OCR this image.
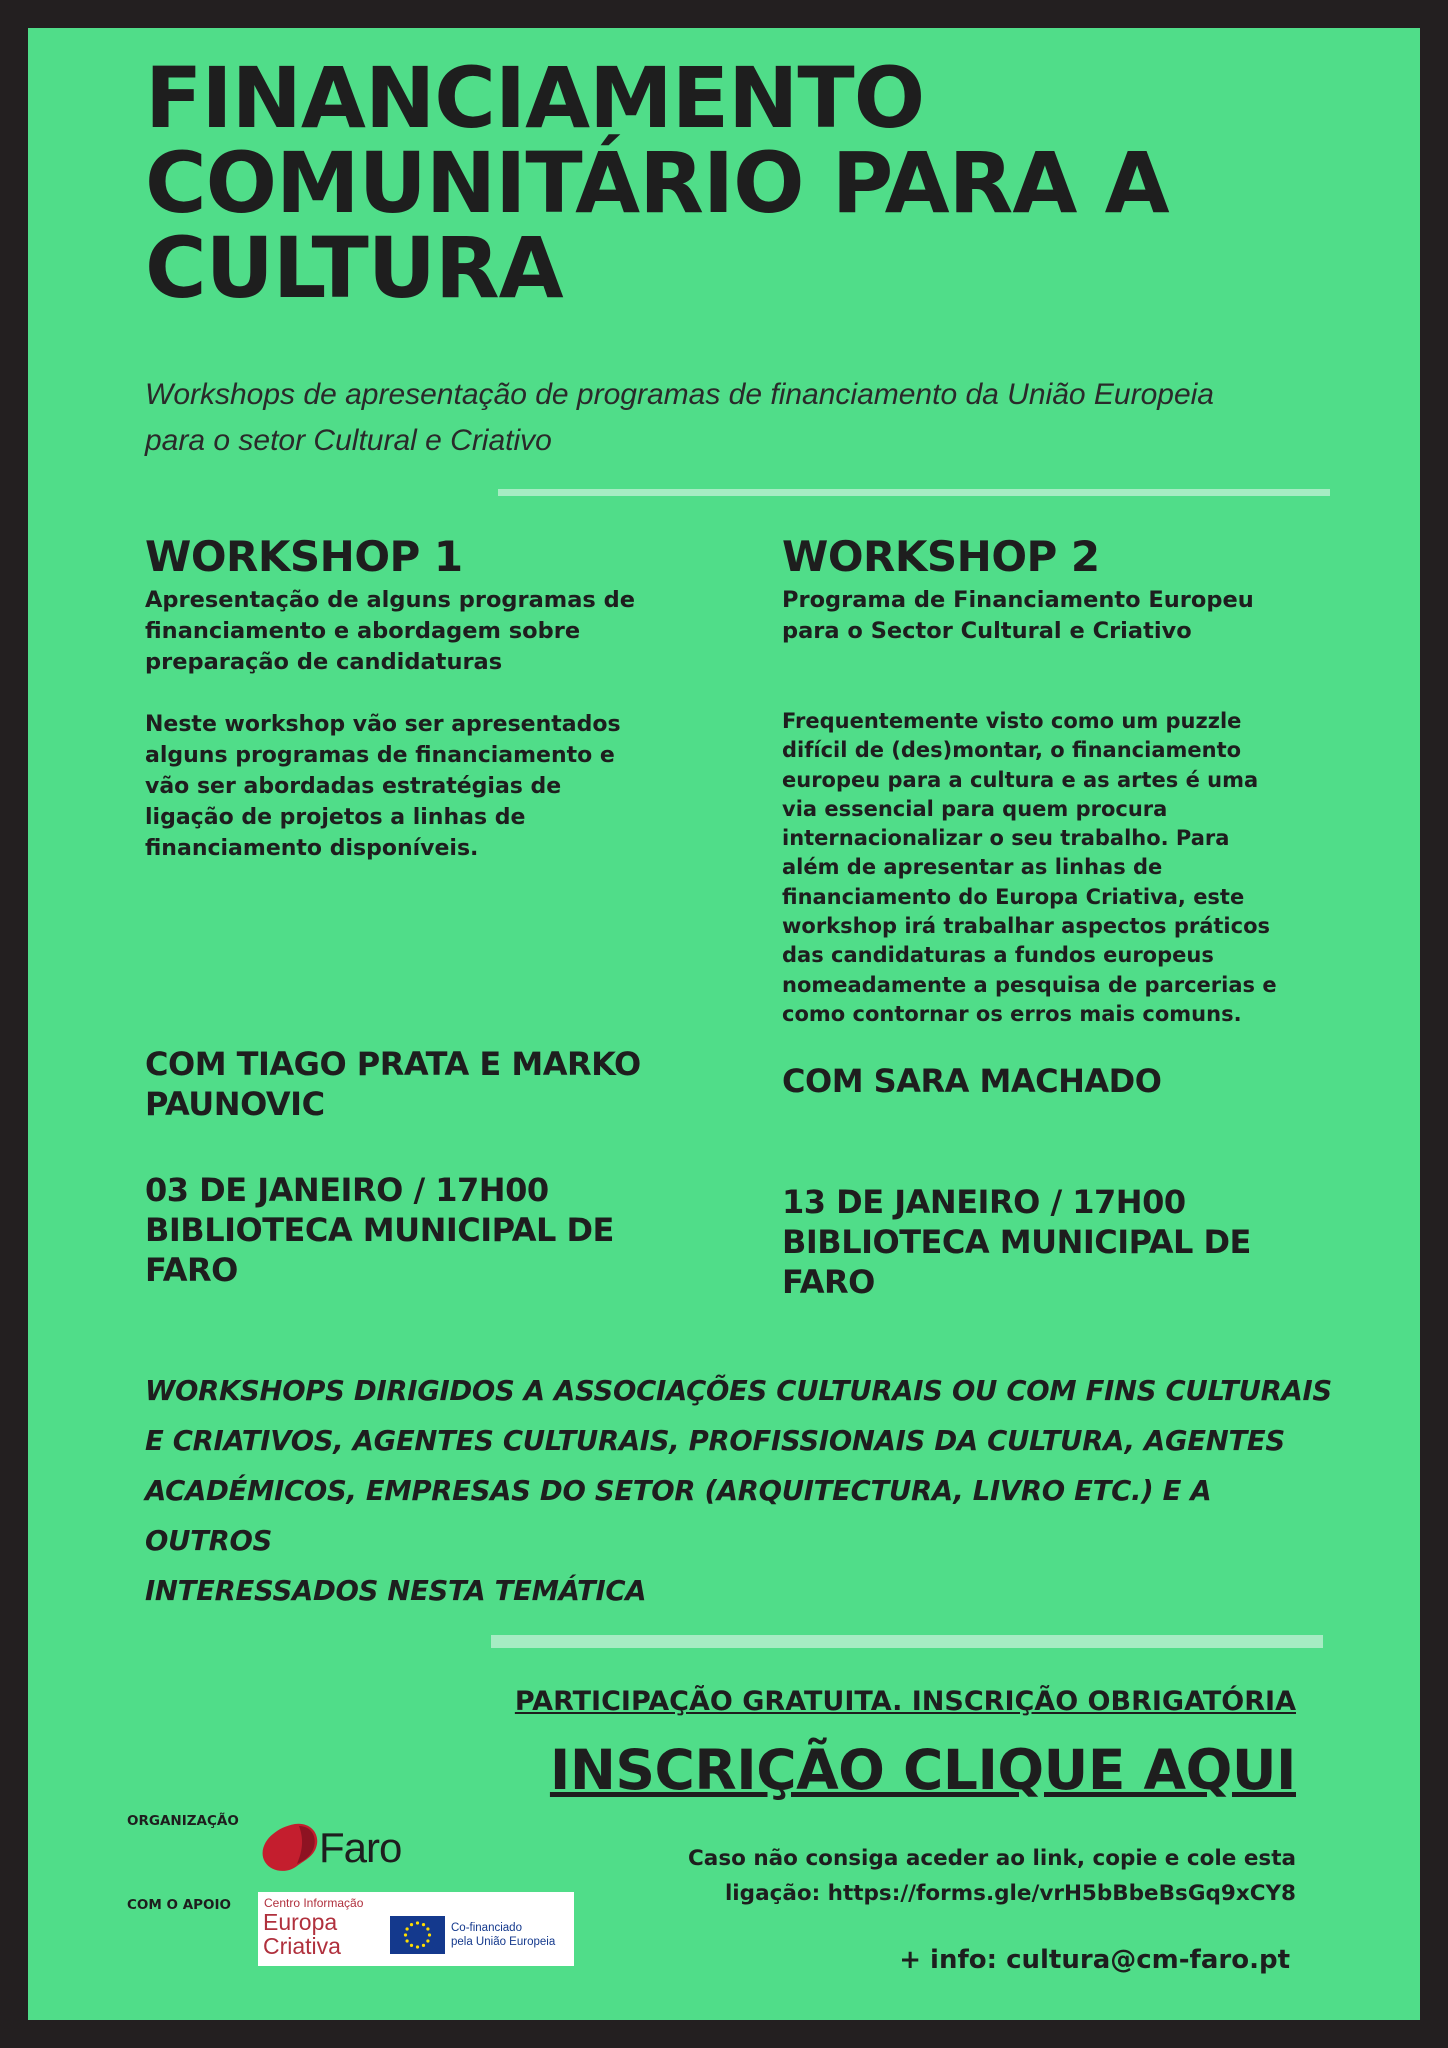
FINANCIAMENTO
COMUNITÁRIO PARA A
CULTURA

Workshops de apresentação de programas de financiamento da União Europeia
para o setor Cultural e Criativo

WORKSHOP 1
Apresentação de alguns programas de
financiamento e abordagem sobre
preparação de candidaturas
Neste workshop vão ser apresentados
alguns programas de financiamento e
vão ser abordadas estratégias de
ligação de projetos a linhas de
financiamento disponíveis.
COM TIAGO PRATA E MARKO
PAUNOVIC
03 DE JANEIRO / 17H00
BIBLIOTECA MUNICIPAL DE
FARO
WORKSHOP 2
Programa de Financiamento Europeu
para o Sector Cultural e Criativo
Frequentemente visto como um puzzle
difícil de (des)montar, o financiamento
europeu para a cultura e as artes é uma
via essencial para quem procura
internacionalizar o seu trabalho. Para
além de apresentar as linhas de
financiamento do Europa Criativa, este
workshop irá trabalhar aspectos práticos
das candidaturas a fundos europeus
nomeadamente a pesquisa de parcerias e
como contornar os erros mais comuns.
COM SARA MACHADO
13 DE JANEIRO / 17H00
BIBLIOTECA MUNICIPAL DE
FARO
WORKSHOPS DIRIGIDOS A ASSOCIAÇÕES CULTURAIS OU COM FINS CULTURAIS
E CRIATIVOS, AGENTES CULTURAIS, PROFISSIONAIS DA CULTURA, AGENTES
ACADÉMICOS, EMPRESAS DO SETOR (ARQUITECTURA, LIVRO ETC.) E A OUTROS
INTERESSADOS NESTA TEMÁTICA
PARTICIPAÇÃO GRATUITA. INSCRIÇÃO OBRIGATÓRIA
INSCRIÇÃO CLIQUE AQUI
Caso não consiga aceder ao link, copie e cole esta
ligação: https://forms.gle/vrH5bBbeBsGq9xCY8
+ info: cultura@cm-faro.pt
ORGANIZAÇÃO
Faro
COM O APOIO	Centro Informação
Europa
Criativa
Co-financiado
pela União Europeia
